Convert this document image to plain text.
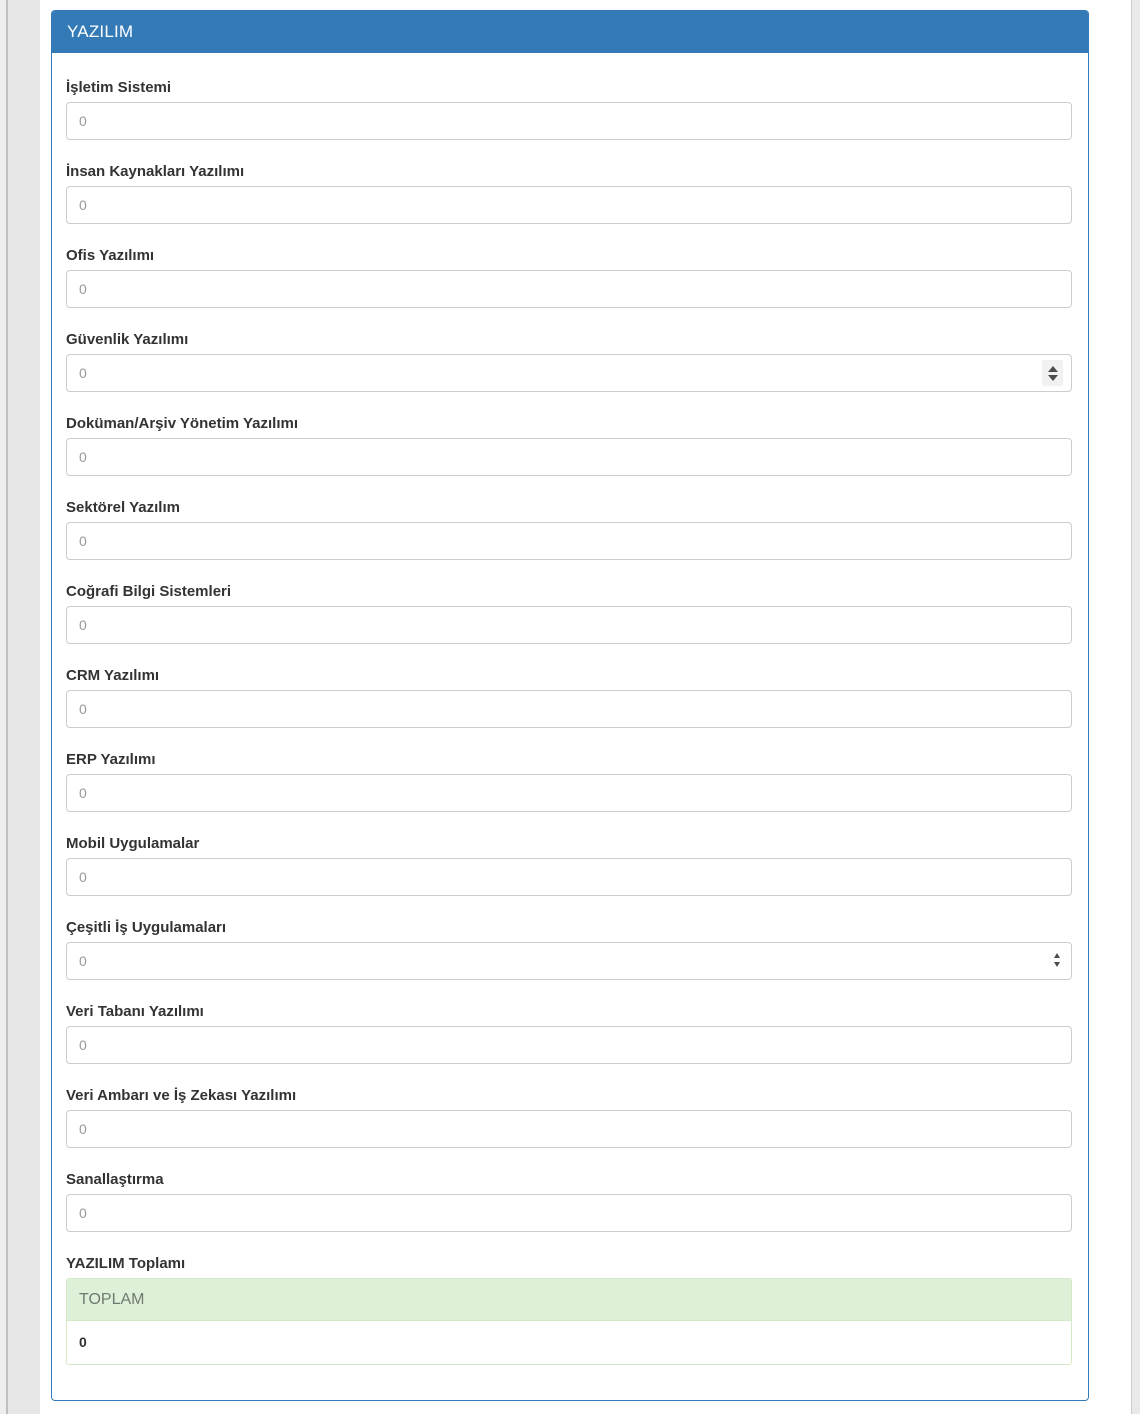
YAZILIM
İşletim Sistemi
0
İnsan Kaynakları Yazılımı
0
Ofis Yazılımı
0
Güvenlik Yazılımı
0
Doküman/Arşiv Yönetim Yazılımı
0
Sektörel Yazılım
0
Coğrafi Bilgi Sistemleri
0
CRM Yazılımı
0
ERP Yazılımı
0
Mobil Uygulamalar
0
Çeşitli İş Uygulamaları
0
Veri Tabanı Yazılımı
0
Veri Ambarı ve İş Zekası Yazılımı
0
Sanallaştırma
0
YAZILIM Toplamı
TOPLAM
0
